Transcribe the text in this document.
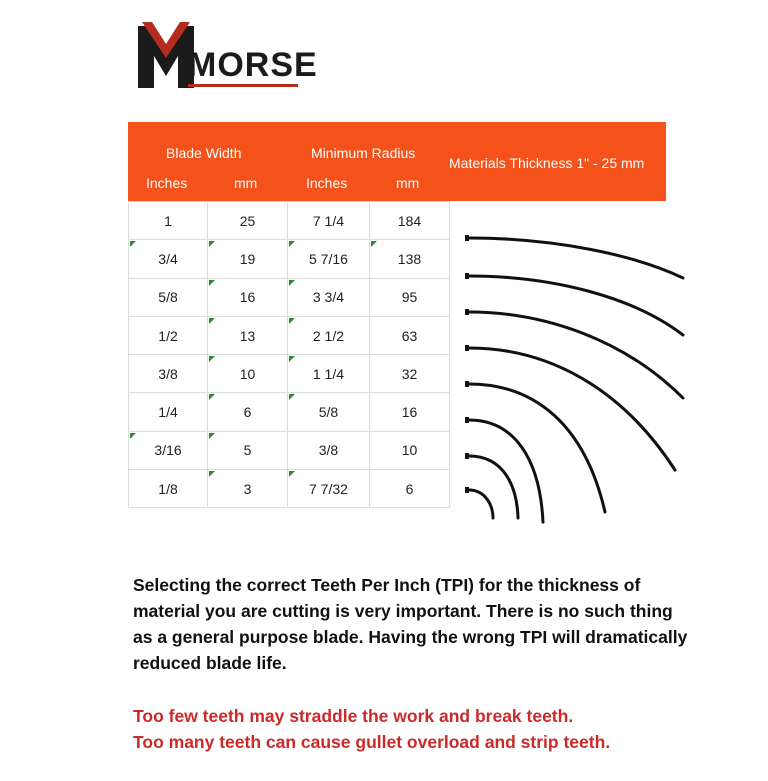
MORSE
Blade Width	Minimum Radius
Materials Thickness 1" - 25 mm
Inches	mm	Inches	mm
1	25	7 1/4	184

3/4	19	5 7/16	138
5/8	16	3 3/4	95
1/2	13	2 1/2	63
3/8	10	1 1/4	32
1/4	6	5/8	16

3/16	5	3/8	10
1/8	3	7 7/32	6
Selecting the correct Teeth Per Inch (TPI) for the thickness of material you are cutting is very important. There is no such thing as a general purpose blade. Having the wrong TPI will dramatically reduced blade life.
Too few teeth may straddle the work and break teeth.
Too many teeth can cause gullet overload and strip teeth.
